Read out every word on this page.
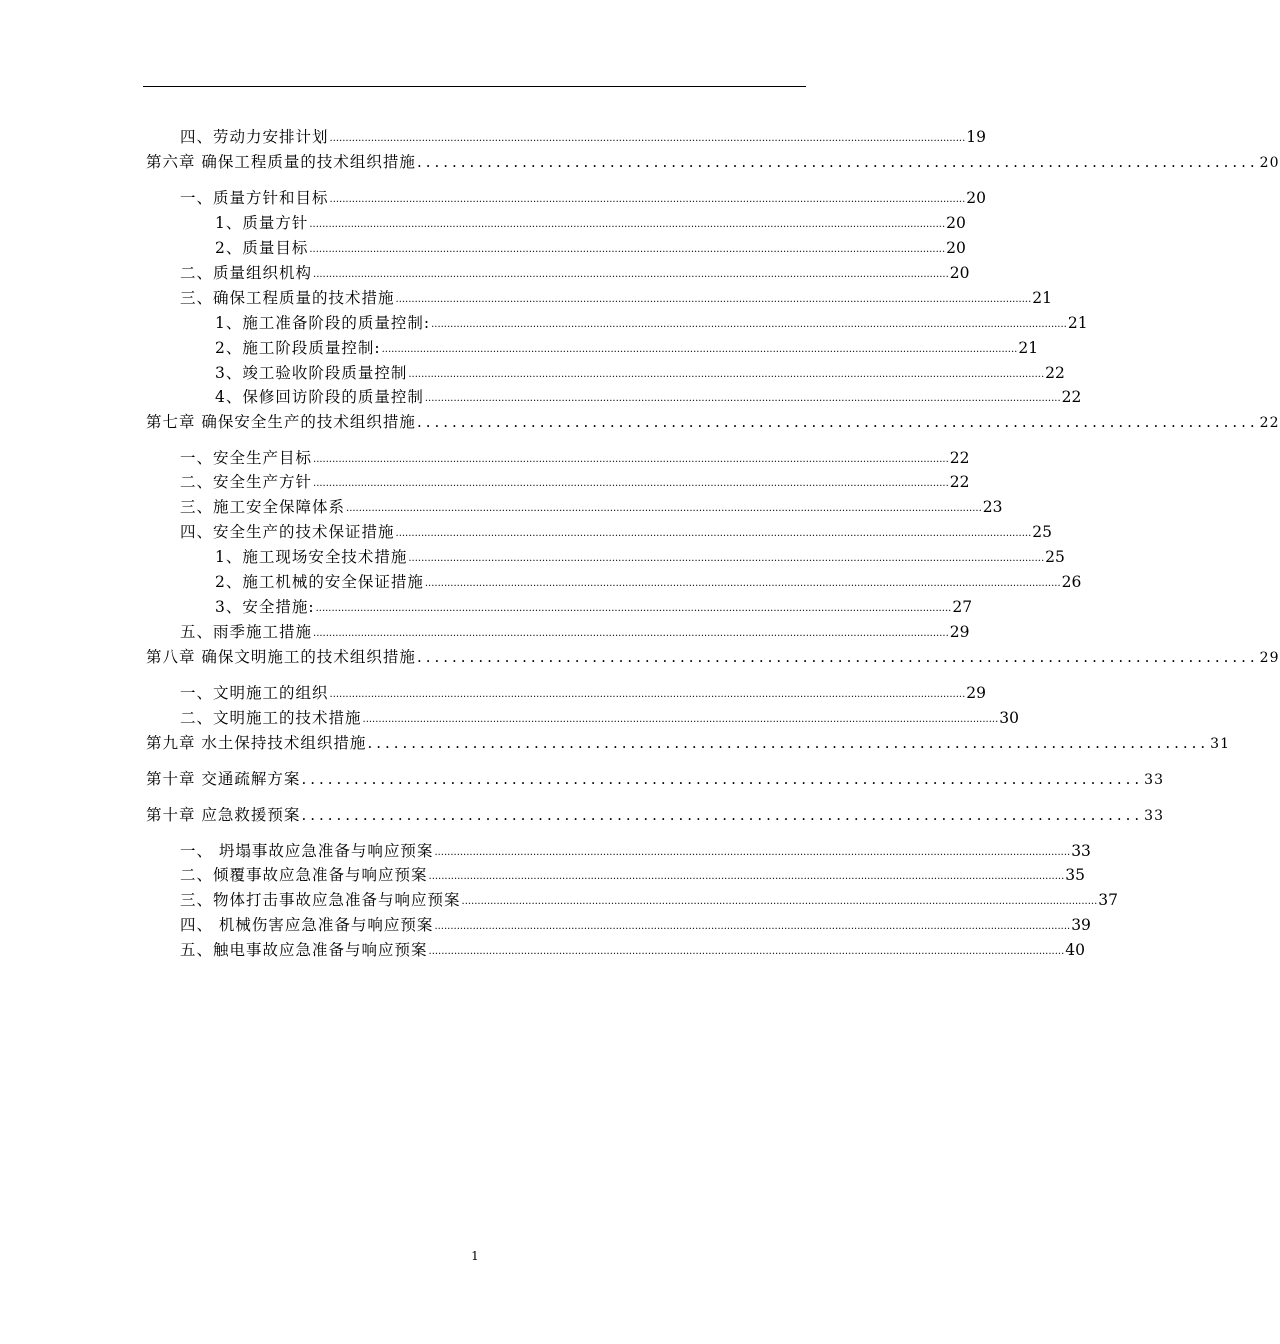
四、劳动力安排计划 ........................................................................................................................................................................................................ 19
第六章 确保工程质量的技术组织措施 ................................................................................................ 20
一、质量方针和目标 ........................................................................................................................................................................................................ 20
1、质量方针 ........................................................................................................................................................................................................ 20
2、质量目标 ........................................................................................................................................................................................................ 20
二、质量组织机构 ........................................................................................................................................................................................................ 20
三、确保工程质量的技术措施 ........................................................................................................................................................................................................ 21
1、施工准备阶段的质量控制: ........................................................................................................................................................................................................ 21
2、施工阶段质量控制: ........................................................................................................................................................................................................ 21
3、竣工验收阶段质量控制 ........................................................................................................................................................................................................ 22
4、保修回访阶段的质量控制 ........................................................................................................................................................................................................ 22
第七章 确保安全生产的技术组织措施 ................................................................................................ 22
一、安全生产目标 ........................................................................................................................................................................................................ 22
二、安全生产方针 ........................................................................................................................................................................................................ 22
三、施工安全保障体系 ........................................................................................................................................................................................................ 23
四、安全生产的技术保证措施 ........................................................................................................................................................................................................ 25
1、施工现场安全技术措施 ........................................................................................................................................................................................................ 25
2、施工机械的安全保证措施 ........................................................................................................................................................................................................ 26
3、安全措施: ........................................................................................................................................................................................................ 27
五、雨季施工措施 ........................................................................................................................................................................................................ 29
第八章 确保文明施工的技术组织措施 ................................................................................................ 29
一、文明施工的组织 ........................................................................................................................................................................................................ 29
二、文明施工的技术措施 ........................................................................................................................................................................................................ 30
第九章 水土保持技术组织措施 ................................................................................................ 31
第十章 交通疏解方案 ................................................................................................ 33
第十章 应急救援预案 ................................................................................................ 33
一、 坍塌事故应急准备与响应预案 ........................................................................................................................................................................................................ 33
二、倾覆事故应急准备与响应预案 ........................................................................................................................................................................................................ 35
三、物体打击事故应急准备与响应预案 ........................................................................................................................................................................................................ 37
四、 机械伤害应急准备与响应预案 ........................................................................................................................................................................................................ 39
五、触电事故应急准备与响应预案 ........................................................................................................................................................................................................ 40
1
